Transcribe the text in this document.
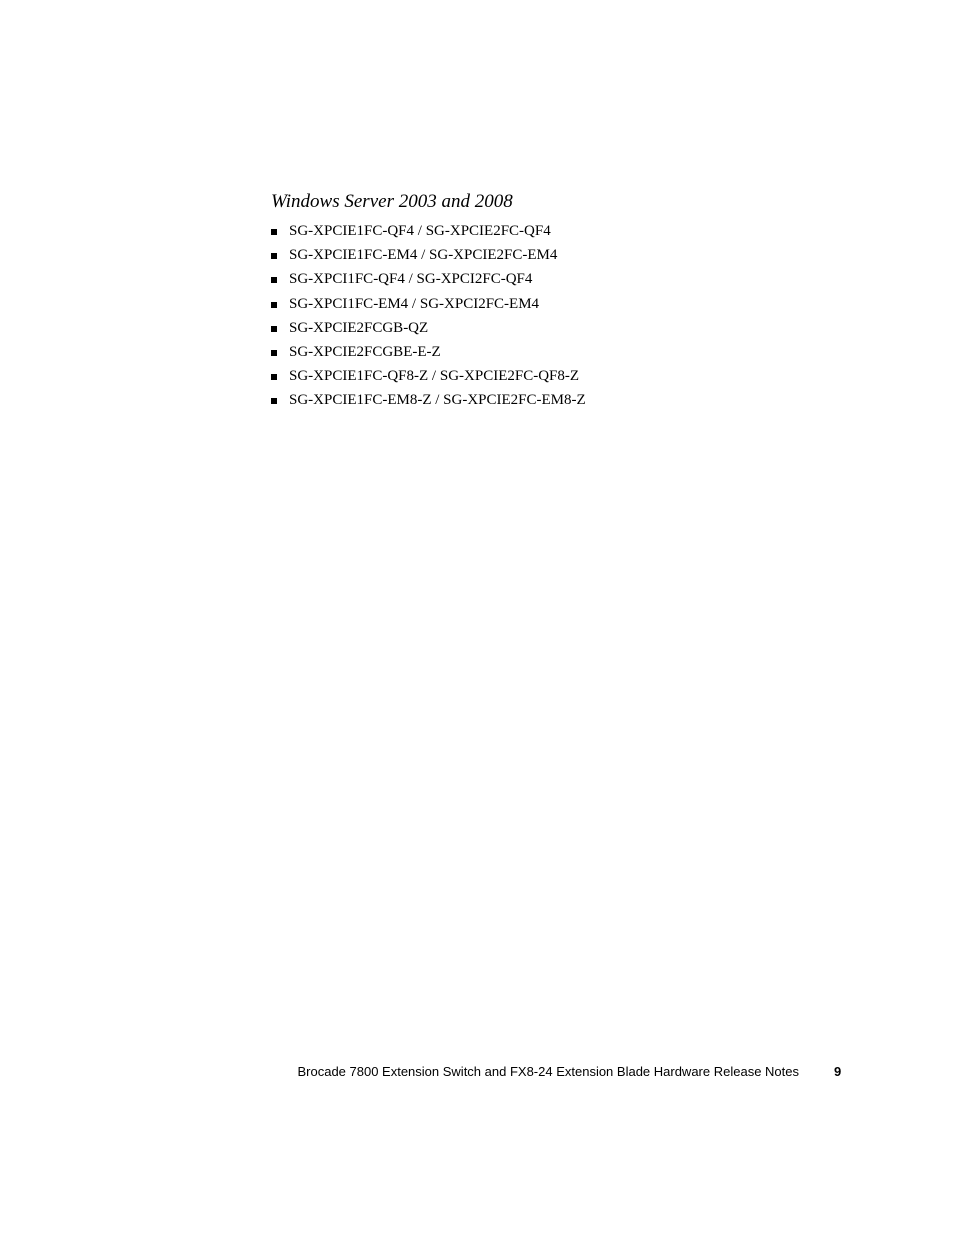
Windows Server 2003 and 2008
SG-XPCIE1FC-QF4 / SG-XPCIE2FC-QF4
SG-XPCIE1FC-EM4 / SG-XPCIE2FC-EM4
SG-XPCI1FC-QF4 / SG-XPCI2FC-QF4
SG-XPCI1FC-EM4 / SG-XPCI2FC-EM4
SG-XPCIE2FCGB-QZ
SG-XPCIE2FCGBE-E-Z
SG-XPCIE1FC-QF8-Z / SG-XPCIE2FC-QF8-Z
SG-XPCIE1FC-EM8-Z / SG-XPCIE2FC-EM8-Z
Brocade 7800 Extension Switch and FX8-24 Extension Blade Hardware Release Notes	9
